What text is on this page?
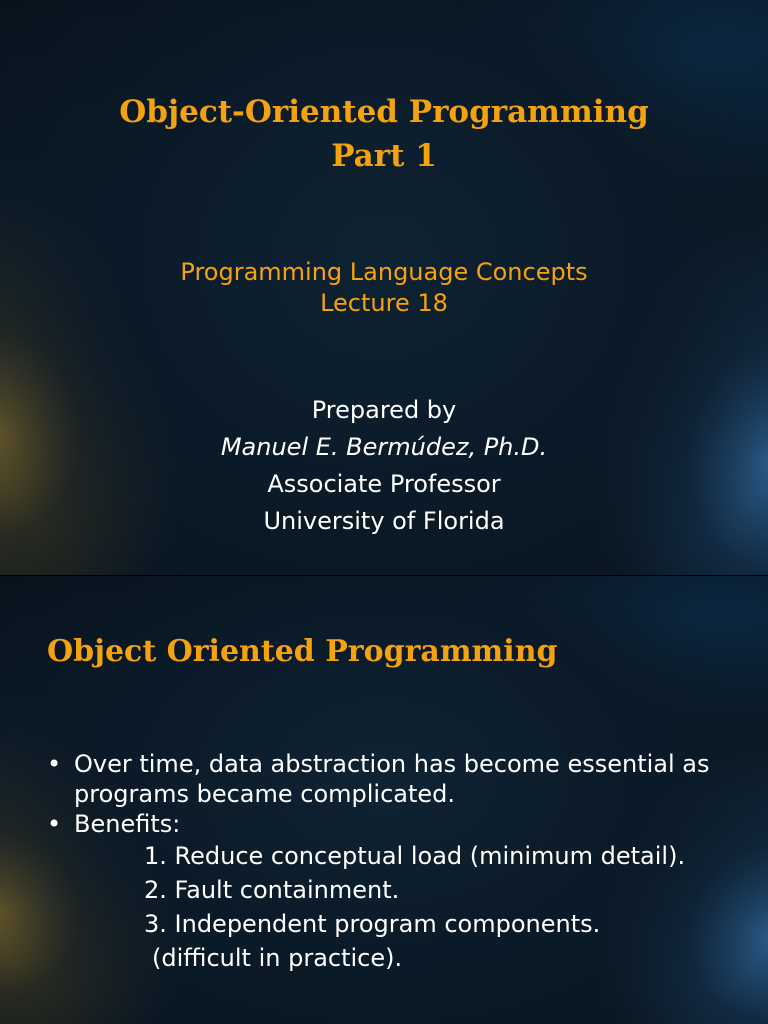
Object-Oriented Programming
Part 1
Programming Language Concepts
Lecture 18
Prepared by
Manuel E. Bermúdez, Ph.D.
Associate Professor
University of Florida
Object Oriented Programming

• Over time, data abstraction has become essential as programs became complicated.

• Benefits:

1. Reduce conceptual load (minimum detail).
2. Fault containment.
3. Independent program components.
(difficult in practice).
